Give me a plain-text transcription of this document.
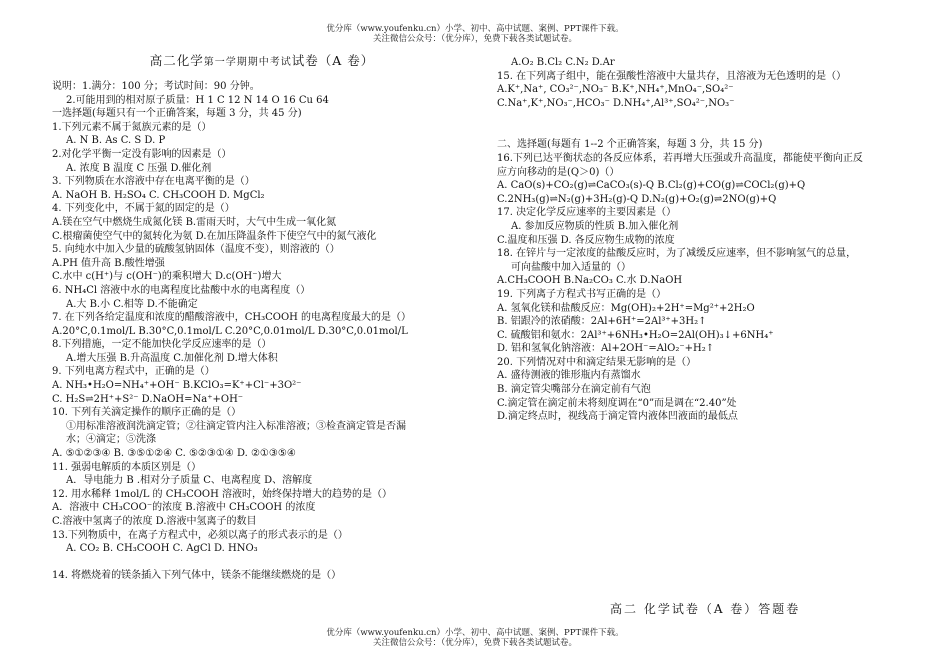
优分库（www.youfenku.cn）小学、初中、高中试题、案例、PPT课件下载。
关注微信公众号：（优分库），免费下载各类试题试卷。
高二化学第一学期期中考试试卷（A 卷）
说明：1.满分：100 分；考试时间：90 分钟。
2.可能用到的相对原子质量：H 1 C 12 N 14 O 16 Cu 64
一选择题(每题只有一个正确答案，每题 3 分，共 45 分)
1.下列元素不属于氮族元素的是（）
A. N B. As C. S D. P
2.对化学平衡一定没有影响的因素是（）
A. 浓度 B 温度 C 压强 D.催化剂
3. 下列物质在水溶液中存在电离平衡的是（）
A. NaOH B. H₂SO₄ C. CH₃COOH D. MgCl₂
4. 下列变化中，不属于氮的固定的是（）
A.镁在空气中燃烧生成氮化镁 B.雷雨天时，大气中生成一氧化氮
C.根瘤菌使空气中的氮转化为氨 D.在加压降温条件下使空气中的氮气液化
5. 向纯水中加入少量的硫酸氢钠固体（温度不变），则溶液的（）
A.PH 值升高 B.酸性增强
C.水中 c(H⁺)与 c(OH⁻)的乘积增大 D.c(OH⁻)增大
6. NH₄Cl 溶液中水的电离程度比盐酸中水的电离程度（）
A.大 B.小 C.相等 D.不能确定
7. 在下列各给定温度和浓度的醋酸溶液中，CH₃COOH 的电离程度最大的是（）
A.20°C,0.1mol/L B.30°C,0.1mol/L C.20°C,0.01mol/L D.30°C,0.01mol/L
8.下列措施，一定不能加快化学反应速率的是（）
A.增大压强 B.升高温度 C.加催化剂 D.增大体积
9. 下列电离方程式中，正确的是（）
A. NH₃•H₂O=NH₄⁺+OH⁻ B.KClO₃=K⁺+Cl⁻+3O²⁻
C. H₂S⇌2H⁺+S²⁻ D.NaOH=Na⁺+OH⁻
10. 下列有关滴定操作的顺序正确的是（）
①用标准溶液润洗滴定管；②往滴定管内注入标准溶液；③检查滴定管是否漏
水；④滴定；⑤洗涤
A. ⑤①②③④ B. ③⑤①②④ C. ⑤②③①④ D. ②①③⑤④
11. 强弱电解质的本质区别是（）
A．导电能力 B .相对分子质量 C、电离程度 D、溶解度
12. 用水稀释 1mol/L 的 CH₃COOH 溶液时，始终保持增大的趋势的是（）
A．溶液中 CH₃COO⁻的浓度 B.溶液中 CH₃COOH 的浓度
C.溶液中氢离子的浓度 D.溶液中氢离子的数目
13.下列物质中，在离子方程式中，必须以离子的形式表示的是（）
A. CO₂ B. CH₃COOH C. AgCl D. HNO₃
14. 将燃烧着的镁条插入下列气体中，镁条不能继续燃烧的是（）
A.O₂ B.Cl₂ C.N₂ D.Ar
15. 在下列离子组中，能在强酸性溶液中大量共存，且溶液为无色透明的是（）
A.K⁺,Na⁺, CO₃²⁻,NO₃⁻ B.K⁺,NH₄⁺,MnO₄⁻,SO₄²⁻
C.Na⁺,K⁺,NO₃⁻,HCO₃⁻ D.NH₄⁺,Al³⁺,SO₄²⁻,NO₃⁻
二、选择题(每题有 1--2 个正确答案，每题 3 分，共 15 分)
16.下列已达平衡状态的各反应体系，若再增大压强或升高温度，都能使平衡向正反
应方向移动的是(Q＞0)（）
A. CaO(s)+CO₂(g)⇌CaCO₃(s)-Q B.Cl₂(g)+CO(g)⇌COCl₂(g)+Q
C.2NH₃(g)⇌N₂(g)+3H₂(g)-Q D.N₂(g)+O₂(g)⇌2NO(g)+Q
17. 决定化学反应速率的主要因素是（）
A. 参加反应物质的性质 B.加入催化剂
C.温度和压强 D. 各反应物生成物的浓度
18. 在锌片与一定浓度的盐酸反应时，为了减缓反应速率，但不影响氢气的总量，
可向盐酸中加入适量的（）
A.CH₃COOH B.Na₂CO₃ C.水 D.NaOH
19. 下列离子方程式书写正确的是（）
A. 氢氧化镁和盐酸反应：Mg(OH)₂+2H⁺=Mg²⁺+2H₂O
B. 铝跟冷的浓硝酸：2Al+6H⁺=2Al³⁺+3H₂↑
C. 硫酸铝和氨水：2Al³⁺+6NH₃•H₂O=2Al(OH)₃↓+6NH₄⁺
D. 铝和氢氧化钠溶液：Al+2OH⁻=AlO₂⁻+H₂↑
20. 下列情况对中和滴定结果无影响的是（）
A. 盛待测液的锥形瓶内有蒸馏水
B. 滴定管尖嘴部分在滴定前有气泡
C.滴定管在滴定前未将刻度调在“0”而是调在“2.40”处
D.滴定终点时，视线高于滴定管内液体凹液面的最低点
高二 化学试卷（A 卷）答题卷
优分库（www.youfenku.cn）小学、初中、高中试题、案例、PPT课件下载。
关注微信公众号：（优分库），免费下载各类试题试卷。
